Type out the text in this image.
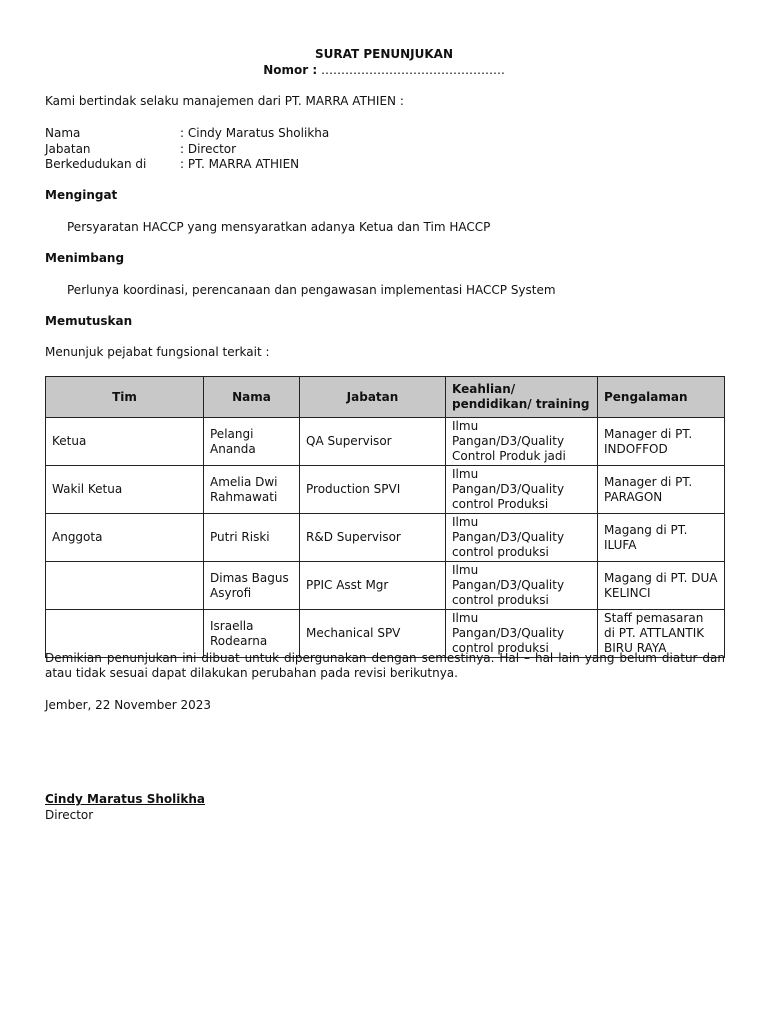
SURAT PENUNJUKAN
Nomor : ……………………………………….
Kami bertindak selaku manajemen dari PT. MARRA ATHIEN :
Nama	: Cindy Maratus Sholikha
Jabatan	: Director
Berkedudukan di	: PT. MARRA ATHIEN
Mengingat
Persyaratan HACCP yang mensyaratkan adanya Ketua dan Tim HACCP
Menimbang
Perlunya koordinasi, perencanaan dan pengawasan implementasi HACCP System
Memutuskan
Menunjuk pejabat fungsional terkait :
Tim	Nama	Jabatan	Keahlian/ pendidikan/ training	Pengalaman
Ketua	Pelangi Ananda	QA Supervisor	Ilmu Pangan/D3/Quality Control Produk jadi	Manager di PT. INDOFFOD
Wakil Ketua	Amelia Dwi Rahmawati	Production SPVI	Ilmu Pangan/D3/Quality control Produksi	Manager di PT. PARAGON
Anggota	Putri Riski	R&D Supervisor	Ilmu Pangan/D3/Quality control produksi	Magang di PT. ILUFA
	Dimas Bagus Asyrofi	PPIC Asst Mgr	Ilmu Pangan/D3/Quality control produksi	Magang di PT. DUA KELINCI
	Israella Rodearna	Mechanical SPV	Ilmu Pangan/D3/Quality control produksi	Staff pemasaran di PT. ATTLANTIK BIRU RAYA
Demikian penunjukan ini dibuat untuk dipergunakan dengan semestinya. Hal – hal lain yang belum diatur dan atau tidak sesuai dapat dilakukan perubahan pada revisi berikutnya.
Jember, 22 November 2023
Cindy Maratus Sholikha
Director
